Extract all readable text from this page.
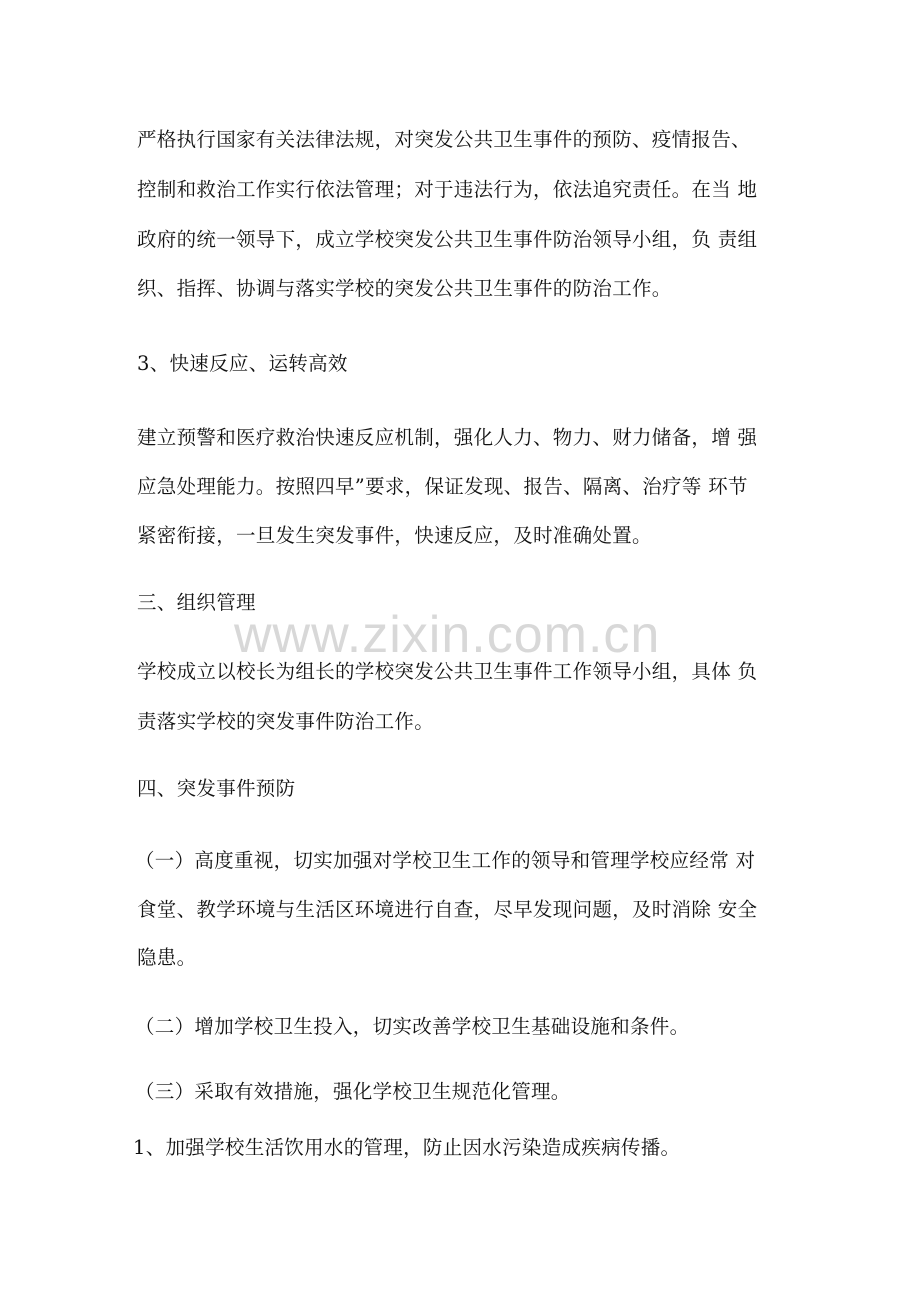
严格执行国家有关法律法规，对突发公共卫生事件的预防、疫情报告、
控制和救治工作实行依法管理；对于违法行为，依法追究责任。在当 地
政府的统一领导下，成立学校突发公共卫生事件防治领导小组，负 责组
织、指挥、协调与落实学校的突发公共卫生事件的防治工作。
3、快速反应、运转高效
建立预警和医疗救治快速反应机制，强化人力、物力、财力储备，增 强
应急处理能力。按照四早”要求，保证发现、报告、隔离、治疗等 环节
紧密衔接，一旦发生突发事件，快速反应，及时准确处置。
三、组织管理
学校成立以校长为组长的学校突发公共卫生事件工作领导小组，具体 负
责落实学校的突发事件防治工作。
四、突发事件预防
（一）高度重视，切实加强对学校卫生工作的领导和管理学校应经常 对
食堂、教学环境与生活区环境进行自查，尽早发现问题，及时消除 安全
隐患。
（二）增加学校卫生投入，切实改善学校卫生基础设施和条件。
（三）采取有效措施，强化学校卫生规范化管理。
1、加强学校生活饮用水的管理，防止因水污染造成疾病传播。
www.zixin.com.cn
